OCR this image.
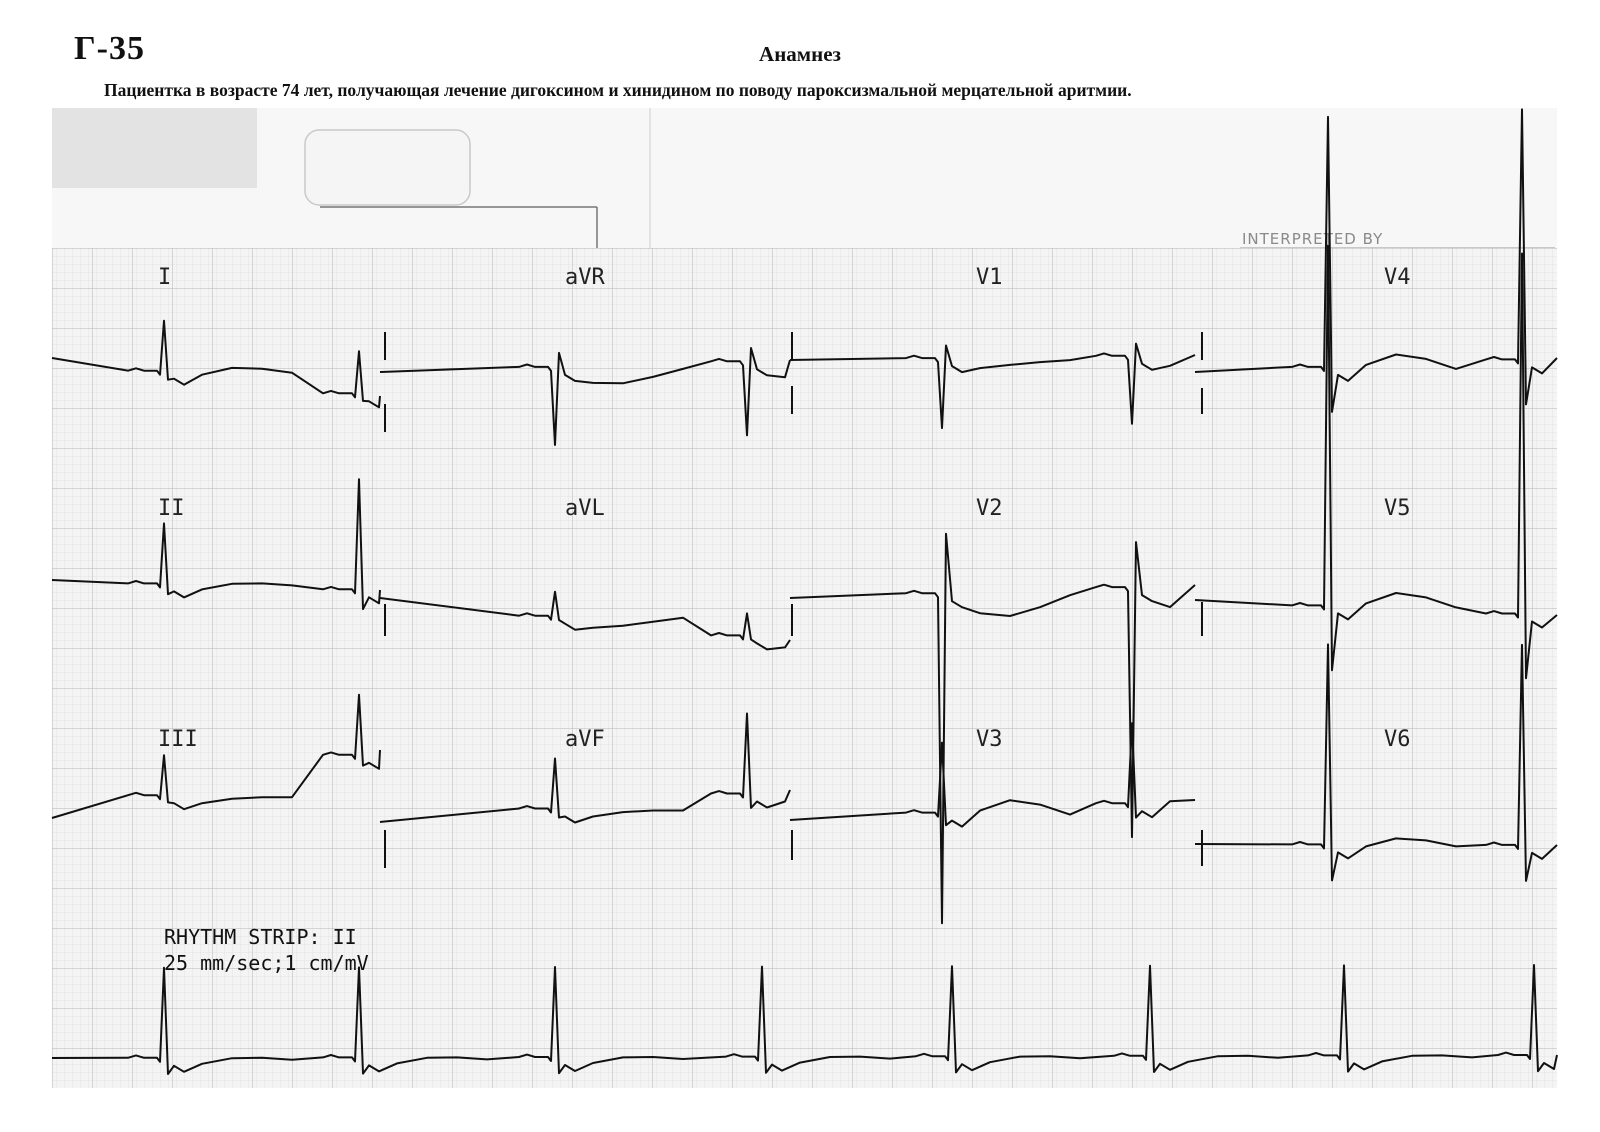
Г-35	Анамнез
Пациентка в возрасте 74 лет, получающая лечение дигоксином и хинидином по поводу пароксизмальной мерцательной аритмии.
INTERPRETED BY
I	aVR	V1	V4
II	aVL	V2	V5
III	aVF	V3	V6
RHYTHM STRIP: II
25 mm/sec;1 cm/mV
